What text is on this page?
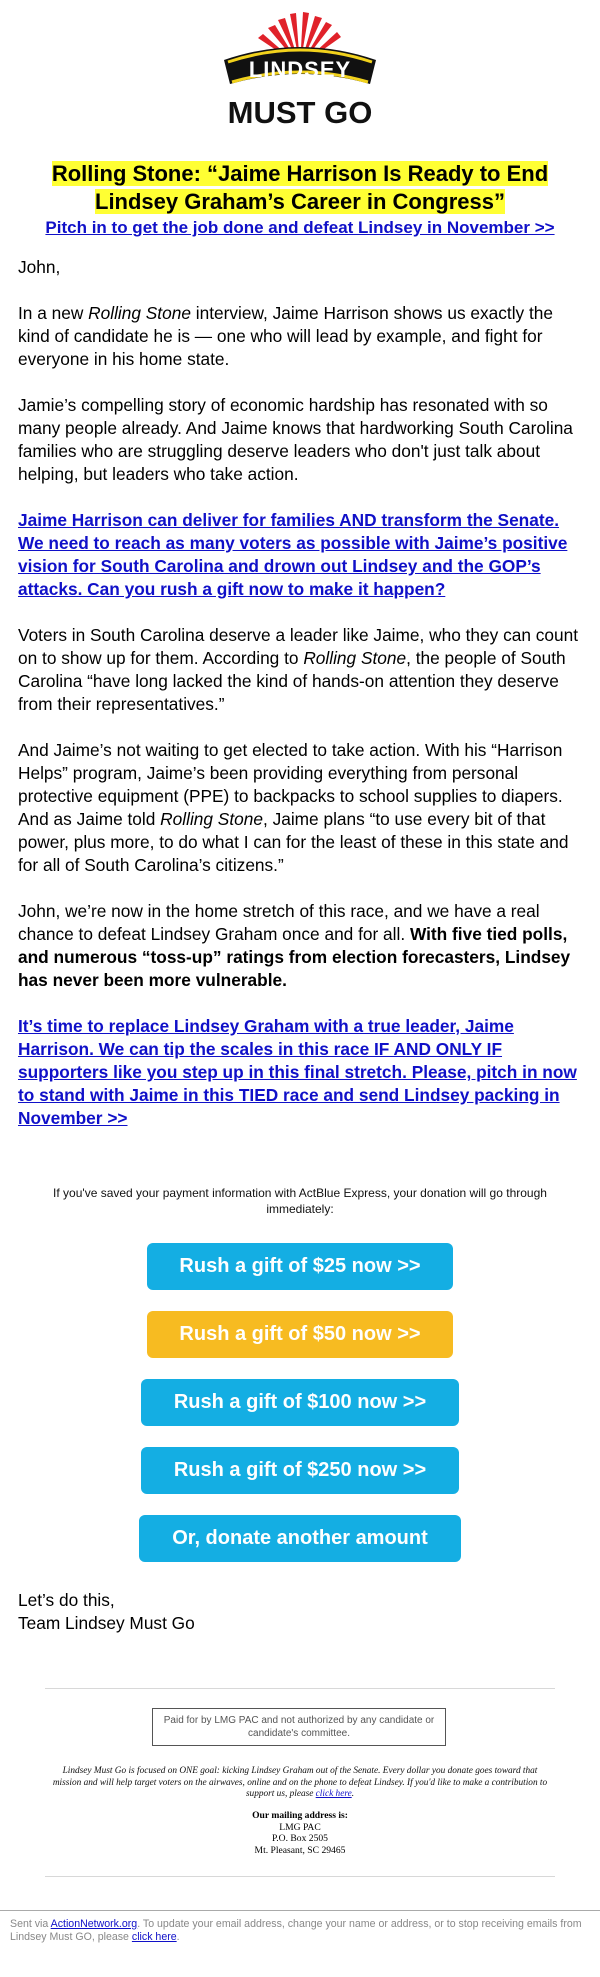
LINDSEY
MUST GO
Rolling Stone: “Jaime Harrison Is Ready to End
Lindsey Graham’s Career in Congress”
Pitch in to get the job done and defeat Lindsey in November >>

John,

In a new Rolling Stone interview, Jaime Harrison shows us exactly the kind of candidate he is — one who will lead by example, and fight for everyone in his home state.

Jamie’s compelling story of economic hardship has resonated with so many people already. And Jaime knows that hardworking South Carolina families who are struggling deserve leaders who don't just talk about helping, but leaders who take action.

Jaime Harrison can deliver for families AND transform the Senate. We need to reach as many voters as possible with Jaime’s positive vision for South Carolina and drown out Lindsey and the GOP’s attacks. Can you rush a gift now to make it happen?

Voters in South Carolina deserve a leader like Jaime, who they can count on to show up for them. According to Rolling Stone, the people of South Carolina “have long lacked the kind of hands-on attention they deserve from their representatives.”

And Jaime’s not waiting to get elected to take action. With his “Harrison Helps” program, Jaime’s been providing everything from personal protective equipment (PPE) to backpacks to school supplies to diapers. And as Jaime told Rolling Stone, Jaime plans “to use every bit of that power, plus more, to do what I can for the least of these in this state and for all of South Carolina’s citizens.”

John, we’re now in the home stretch of this race, and we have a real chance to defeat Lindsey Graham once and for all. With five tied polls, and numerous “toss-up” ratings from election forecasters, Lindsey has never been more vulnerable.

It’s time to replace Lindsey Graham with a true leader, Jaime Harrison. We can tip the scales in this race IF AND ONLY IF supporters like you step up in this final stretch. Please, pitch in now to stand with Jaime in this TIED race and send Lindsey packing in November >>

If you've saved your payment information with ActBlue Express, your donation will go through immediately:
Rush a gift of $25 now >>
Rush a gift of $50 now >>
Rush a gift of $100 now >>
Rush a gift of $250 now >>
Or, donate another amount
Let’s do this,
Team Lindsey Must Go
Paid for by LMG PAC and not authorized by any candidate or candidate's committee.
Lindsey Must Go is focused on ONE goal: kicking Lindsey Graham out of the Senate. Every dollar you donate goes toward that mission and will help target voters on the airwaves, online and on the phone to defeat Lindsey. If you'd like to make a contribution to support us, please click here.
Our mailing address is:
LMG PAC
P.O. Box 2505
Mt. Pleasant, SC 29465
Sent via ActionNetwork.org. To update your email address, change your name or address, or to stop receiving emails from Lindsey Must GO, please click here.
